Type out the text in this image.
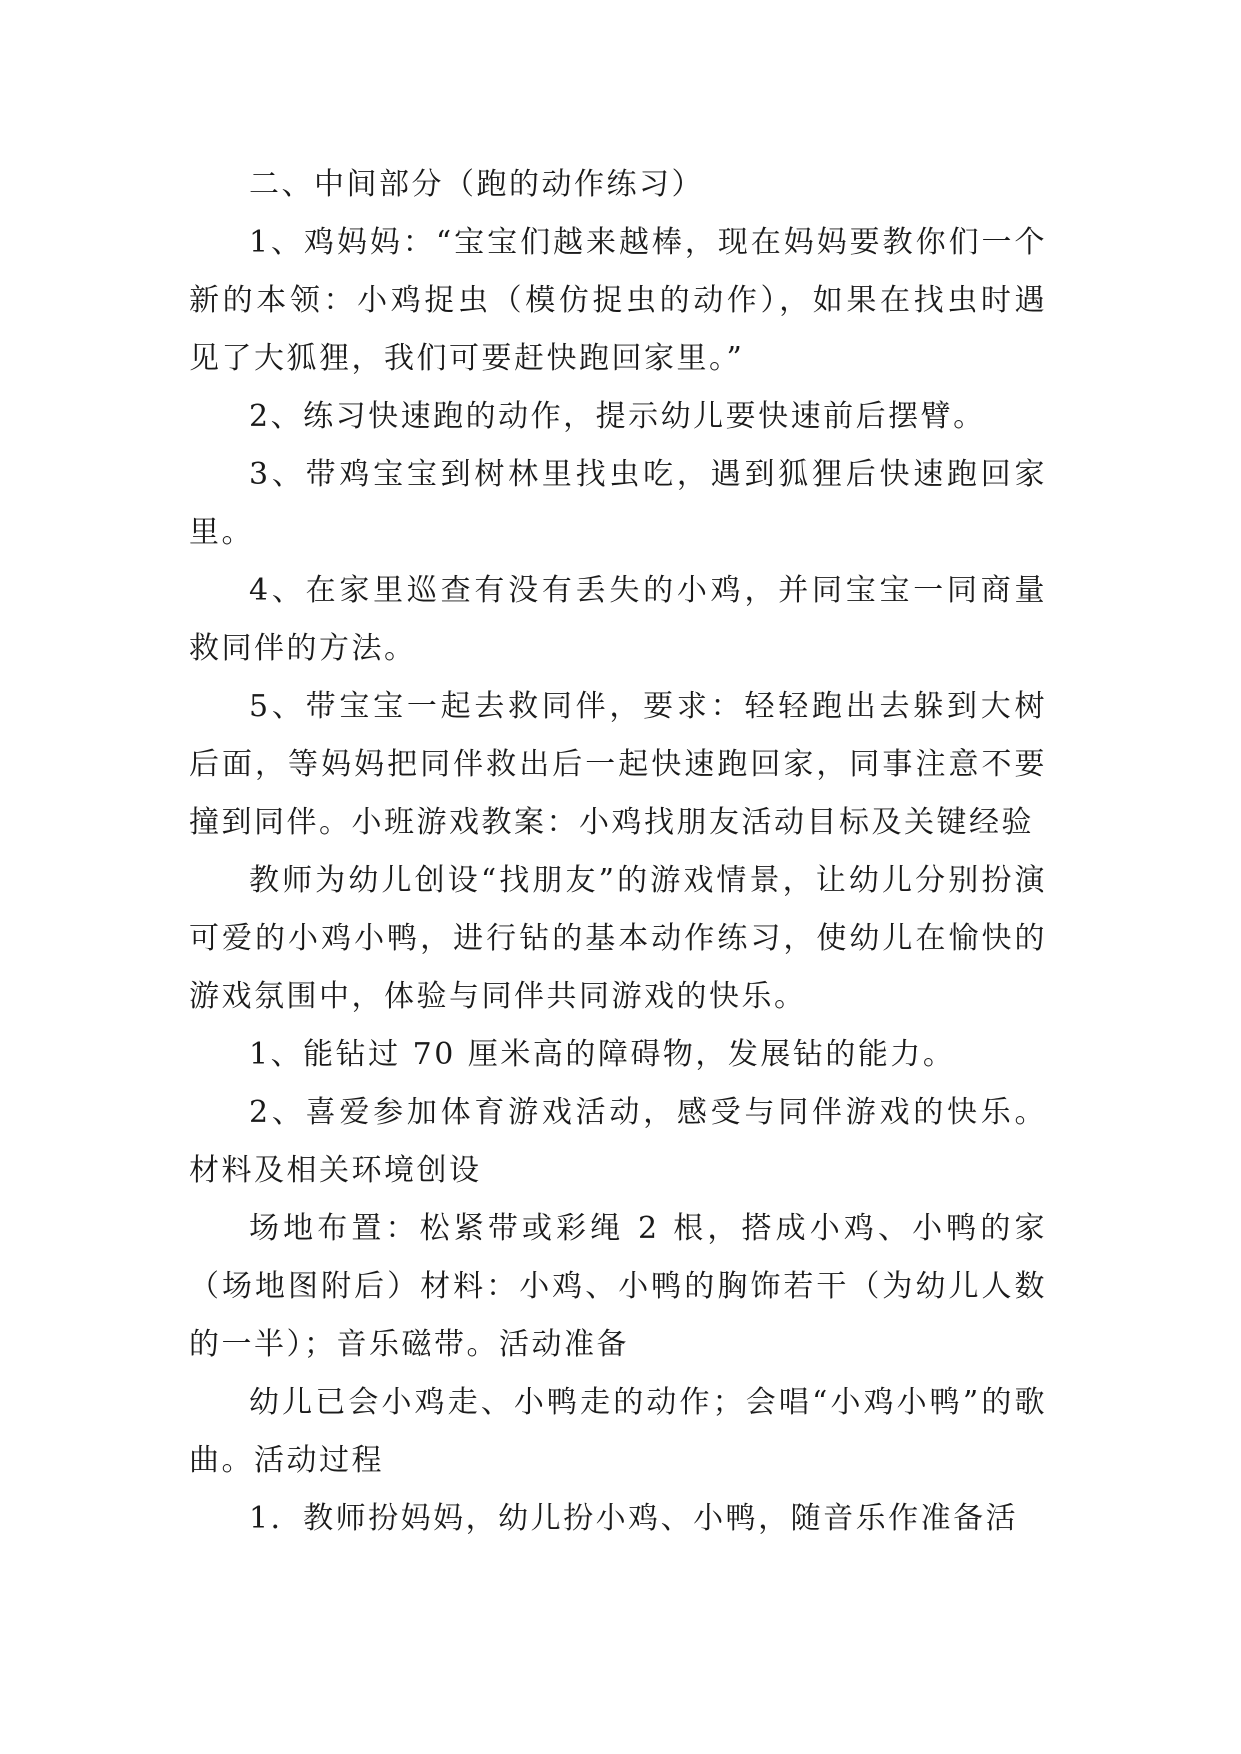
二、中间部分（跑的动作练习）

1、鸡妈妈：“宝宝们越来越棒，现在妈妈要教你们一个新的本领：小鸡捉虫（模仿捉虫的动作），如果在找虫时遇见了大狐狸，我们可要赶快跑回家里。”

2、练习快速跑的动作，提示幼儿要快速前后摆臂。

3、带鸡宝宝到树林里找虫吃，遇到狐狸后快速跑回家里。

4、在家里巡查有没有丢失的小鸡，并同宝宝一同商量救同伴的方法。

5、带宝宝一起去救同伴，要求：轻轻跑出去躲到大树后面，等妈妈把同伴救出后一起快速跑回家，同事注意不要撞到同伴。小班游戏教案：小鸡找朋友活动目标及关键经验

教师为幼儿创设“找朋友”的游戏情景，让幼儿分别扮演可爱的小鸡小鸭，进行钻的基本动作练习，使幼儿在愉快的游戏氛围中，体验与同伴共同游戏的快乐。

1、能钻过 70 厘米高的障碍物，发展钻的能力。

2、喜爱参加体育游戏活动，感受与同伴游戏的快乐。材料及相关环境创设

场地布置：松紧带或彩绳 2 根，搭成小鸡、小鸭的家（场地图附后）材料：小鸡、小鸭的胸饰若干（为幼儿人数的一半）；音乐磁带。活动准备

幼儿已会小鸡走、小鸭走的动作；会唱“小鸡小鸭”的歌曲。活动过程

1．教师扮妈妈，幼儿扮小鸡、小鸭，随音乐作准备活
